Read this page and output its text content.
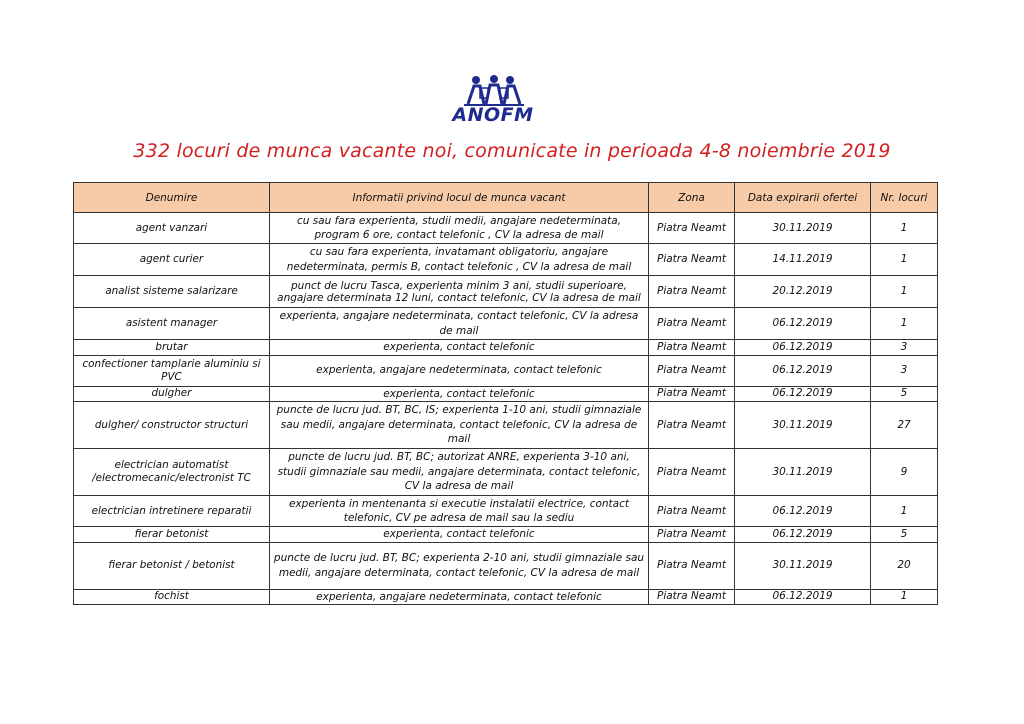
ANOFM
332 locuri de munca vacante noi, comunicate in perioada 4-8 noiembrie 2019
Denumire	Informatii privind locul de munca vacant	Zona	Data expirarii ofertei	Nr. locuri
agent vanzari	cu sau fara experienta, studii medii, angajare nedeterminata, program 6 ore, contact telefonic , CV la adresa de mail	Piatra Neamt	30.11.2019	1
agent curier	cu sau fara experienta, invatamant obligatoriu, angajare nedeterminata, permis B, contact telefonic , CV la adresa de mail	Piatra Neamt	14.11.2019	1
analist sisteme salarizare	punct de lucru Tasca, experienta minim 3 ani, studii superioare, angajare determinata 12 luni, contact telefonic, CV la adresa de mail	Piatra Neamt	20.12.2019	1
asistent manager	experienta, angajare nedeterminata, contact telefonic, CV la adresa de mail	Piatra Neamt	06.12.2019	1
brutar	experienta, contact telefonic	Piatra Neamt	06.12.2019	3
confectioner tamplarie aluminiu si PVC	experienta, angajare nedeterminata, contact telefonic	Piatra Neamt	06.12.2019	3
dulgher	experienta, contact telefonic	Piatra Neamt	06.12.2019	5
dulgher/ constructor structuri	puncte de lucru jud. BT, BC, IS; experienta 1-10 ani, studii gimnaziale sau medii, angajare determinata, contact telefonic, CV la adresa de mail	Piatra Neamt	30.11.2019	27
electrician automatist /electromecanic/electronist TC	puncte de lucru jud. BT, BC; autorizat ANRE, experienta 3-10 ani, studii gimnaziale sau medii, angajare determinata, contact telefonic, CV la adresa de mail	Piatra Neamt	30.11.2019	9
electrician intretinere reparatii	experienta in mentenanta si executie instalatii electrice, contact telefonic, CV pe adresa de mail sau la sediu	Piatra Neamt	06.12.2019	1
fierar betonist	experienta, contact telefonic	Piatra Neamt	06.12.2019	5
fierar betonist / betonist	puncte de lucru jud. BT, BC; experienta 2-10 ani, studii gimnaziale sau medii, angajare determinata, contact telefonic, CV la adresa de mail	Piatra Neamt	30.11.2019	20
fochist	experienta, angajare nedeterminata, contact telefonic	Piatra Neamt	06.12.2019	1
